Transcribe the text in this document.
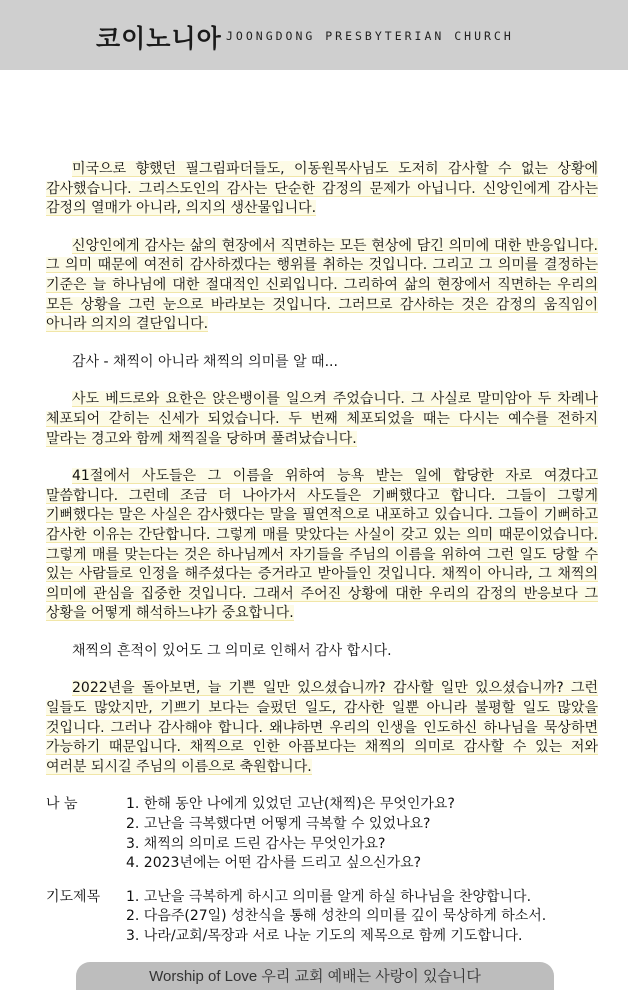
코이노니아 JOONGDONG PRESBYTERIAN CHURCH

미국으로 향했던 필그림파더들도, 이동원목사님도 도저히 감사할 수 없는 상황에 감사했습니다. 그리스도인의 감사는 단순한 감정의 문제가 아닙니다. 신앙인에게 감사는 감정의 열매가 아니라, 의지의 생산물입니다.

신앙인에게 감사는 삶의 현장에서 직면하는 모든 현상에 담긴 의미에 대한 반응입니다. 그 의미 때문에 여전히 감사하겠다는 행위를 취하는 것입니다. 그리고 그 의미를 결정하는 기준은 늘 하나님에 대한 절대적인 신뢰입니다. 그리하여 삶의 현장에서 직면하는 우리의 모든 상황을 그런 눈으로 바라보는 것입니다. 그러므로 감사하는 것은 감정의 움직임이 아니라 의지의 결단입니다.

감사 - 채찍이 아니라 채찍의 의미를 알 때...

사도 베드로와 요한은 앉은뱅이를 일으켜 주었습니다. 그 사실로 말미암아 두 차례나 체포되어 갇히는 신세가 되었습니다. 두 번째 체포되었을 때는 다시는 예수를 전하지 말라는 경고와 함께 채찍질을 당하며 풀려났습니다.

41절에서 사도들은 그 이름을 위하여 능욕 받는 일에 합당한 자로 여겼다고 말씀합니다. 그런데 조금 더 나아가서 사도들은 기뻐했다고 합니다. 그들이 그렇게 기뻐했다는 말은 사실은 감사했다는 말을 필연적으로 내포하고 있습니다. 그들이 기뻐하고 감사한 이유는 간단합니다. 그렇게 매를 맞았다는 사실이 갖고 있는 의미 때문이었습니다. 그렇게 매를 맞는다는 것은 하나님께서 자기들을 주님의 이름을 위하여 그런 일도 당할 수 있는 사람들로 인정을 해주셨다는 증거라고 받아들인 것입니다. 채찍이 아니라, 그 채찍의 의미에 관심을 집중한 것입니다. 그래서 주어진 상황에 대한 우리의 감정의 반응보다 그 상황을 어떻게 해석하느냐가 중요합니다.

채찍의 흔적이 있어도 그 의미로 인해서 감사 합시다.

2022년을 돌아보면, 늘 기쁜 일만 있으셨습니까? 감사할 일만 있으셨습니까? 그런 일들도 많았지만, 기쁘기 보다는 슬펐던 일도, 감사한 일뿐 아니라 불평할 일도 많았을 것입니다. 그러나 감사해야 합니다. 왜냐하면 우리의 인생을 인도하신 하나님을 묵상하면 가능하기 때문입니다. 채찍으로 인한 아픔보다는 채찍의 의미로 감사할 수 있는 저와 여러분 되시길 주님의 이름으로 축원합니다.

나 눔	1. 한해 동안 나에게 있었던 고난(채찍)은 무엇인가요?
2. 고난을 극복했다면 어떻게 극복할 수 있었나요?
3. 채찍의 의미로 드린 감사는 무엇인가요?
4. 2023년에는 어떤 감사를 드리고 싶으신가요?
기도제목	1. 고난을 극복하게 하시고 의미를 알게 하실 하나님을 찬양합니다.
2. 다음주(27일) 성찬식을 통해 성찬의 의미를 깊이 묵상하게 하소서.
3. 나라/교회/목장과 서로 나눈 기도의 제목으로 함께 기도합니다.
Worship of Love 우리 교회 예배는 사랑이 있습니다
